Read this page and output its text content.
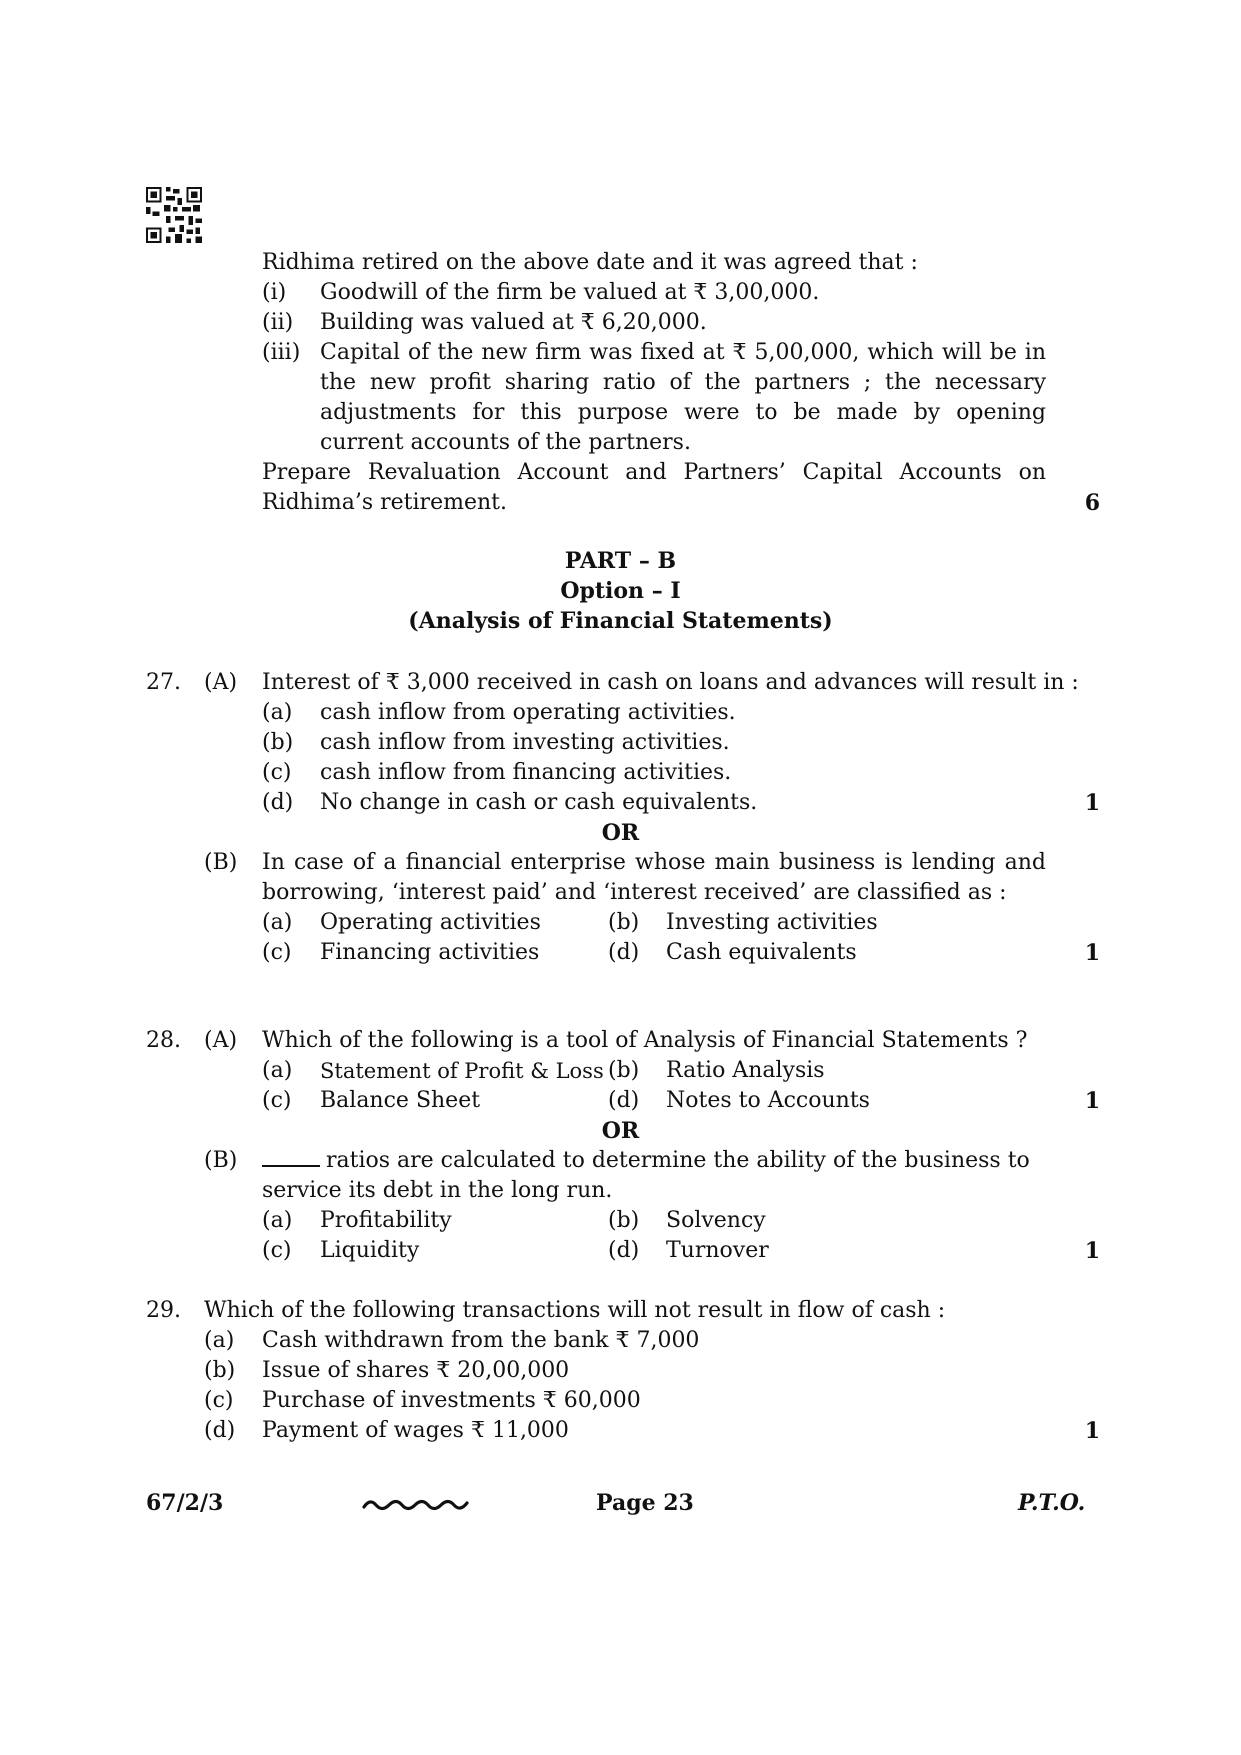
Ridhima retired on the above date and it was agreed that :
(i) Goodwill of the firm be valued at ₹ 3,00,000.
(ii) Building was valued at ₹ 6,20,000.
(iii) Capital of the new firm was fixed at ₹ 5,00,000, which will be in
the new profit sharing ratio of the partners ; the necessary
adjustments for this purpose were to be made by opening
current accounts of the partners.
Prepare Revaluation Account and Partners’ Capital Accounts on
Ridhima’s retirement.	6
PART – B
Option – I
(Analysis of Financial Statements)
27. (A) Interest of ₹ 3,000 received in cash on loans and advances will result in :
(a) cash inflow from operating activities.
(b) cash inflow from investing activities.
(c) cash inflow from financing activities.
(d) No change in cash or cash equivalents.	1
OR
(B) In case of a financial enterprise whose main business is lending and
borrowing, ‘interest paid’ and ‘interest received’ are classified as :
(a) Operating activities	(b) Investing activities
(c) Financing activities	(d) Cash equivalents	1
28. (A) Which of the following is a tool of Analysis of Financial Statements ?
(a) Statement of Profit & Loss (b) Ratio Analysis
(c) Balance Sheet	(d) Notes to Accounts	1
OR
(B)	ratios are calculated to determine the ability of the business to
service its debt in the long run.
(a) Profitability	(b) Solvency
(c) Liquidity	(d) Turnover	1
29. Which of the following transactions will not result in flow of cash :
(a) Cash withdrawn from the bank ₹ 7,000
(b) Issue of shares ₹ 20,00,000
(c) Purchase of investments ₹ 60,000
(d) Payment of wages ₹ 11,000	1
67/2/3	Page 23	P.T.O.
